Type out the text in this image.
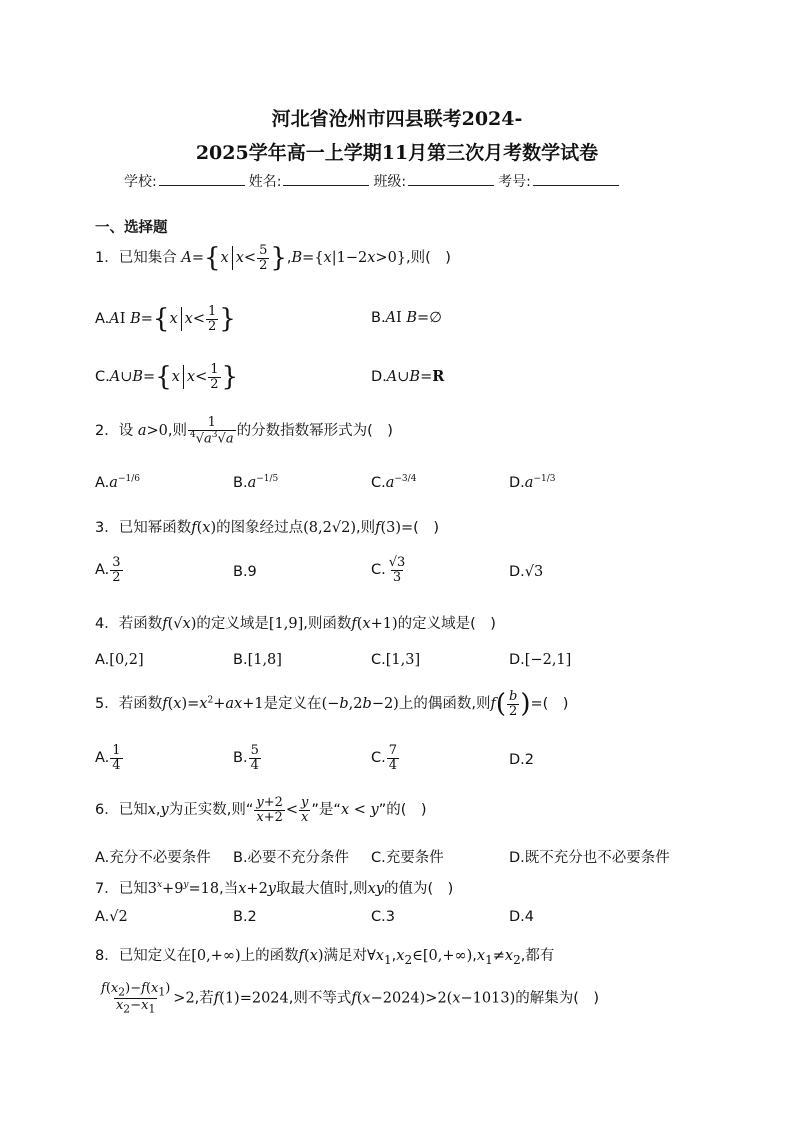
河北省沧州市四县联考2024-
2025学年高一上学期11月第三次月考数学试卷
学校:	姓名:	班级:	考号:
一、选择题
1．已知集合 A={x $x< \frac{5}{2} \},B=\{x|1-2x>0\}$,则(　)
A.AI B={x $x< \frac{1}{2}$ }	B.AI B=∅
C.A∪B={x $x< \frac{1}{2}$ }	D.A∪B=R
2．设 a>0,则 $\frac{1}{^4√a^3√a}$ 的分数指数幂形式为(　)
$A.a^{-1/6}$	$B.a^{-1/5}$	$C.a^{-3/4}$	$D.a^{-1/3}$
3．已知幂函数f(x)的图象经过点(8,2√2),则f(3)=(　)
A. $\frac{3}{2}$	B.9	C. $\frac{√3}{3}$	D.√3
4．若函数f(√x)的定义域是[1,9],则函数f(x+1)的定义域是(　)
A.[0,2]	B.[1,8]	C.[1,3]	D.[−2,1]
5．若函数$f(x)=x^2+ax+1$是定义在(−b,2b−2)上的偶函数,则$f( \frac{b}{2}$ )=(　)
A. $\frac{1}{4}$	B. $\frac{5}{4}$	C. $\frac{7}{4}$	D.2
6．已知x,y为正实数,则“ $\frac{y+2}{x+2} < \frac{y}{x}$ ”是“x < y”的(　)
A.充分不必要条件 B.必要不充分条件 C.充要条件	D.既不充分也不必要条件
7．已知$3^x+9^y=18$,当x+2y取最大值时,则xy的值为(　)
A.√2	B.2	C.3	D.4
8．已知定义在[0,+∞)上的函数f(x)满足对$\forall x_1,x_2\in[0,+\infty),x_1\ne x_2$,都有
$\frac{f(x_2)-f(x_1)}{x_2-x_1} >2$,若f(1)=2024,则不等式f(x−2024)>2(x−1013)的解集为(　)
